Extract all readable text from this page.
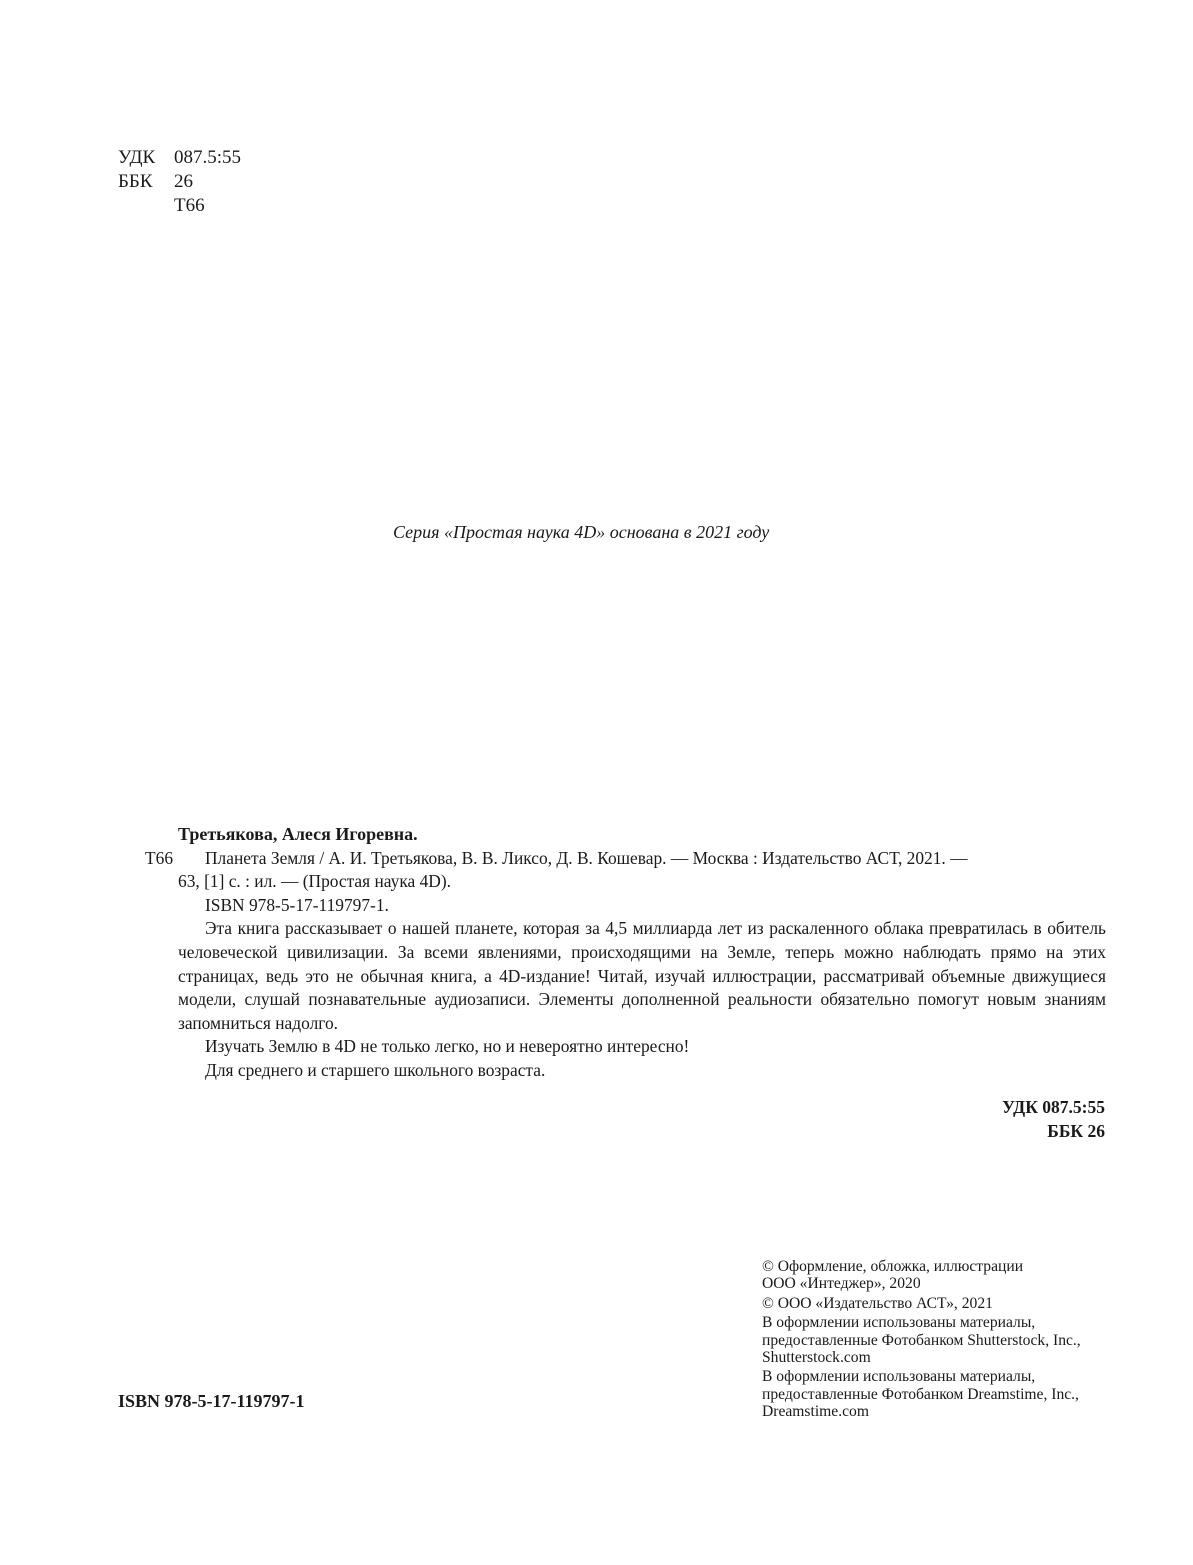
УДК 087.5:55
ББК 26
Т66
Серия «Простая наука 4D» основана в 2021 году

Третьякова, Алеся Игоревна.

Т66 Планета Земля / А. И. Третьякова, В. В. Ликсо, Д. В. Кошевар. — Москва : Издательство АСТ, 2021. —

63, [1] с. : ил. — (Простая наука 4D).

ISBN 978-5-17-119797-1.

Эта книга рассказывает о нашей планете, которая за 4,5 миллиарда лет из раскаленного облака превратилась в обитель человеческой цивилизации. За всеми явлениями, происходящими на Земле, теперь можно наблюдать прямо на этих страницах, ведь это не обычная книга, а 4D-издание! Читай, изучай иллюстрации, рассматривай объемные движущиеся модели, слушай познавательные аудиозаписи. Элементы дополненной реальности обязательно помогут новым знаниям запомниться надолго.

Изучать Землю в 4D не только легко, но и невероятно интересно!

Для среднего и старшего школьного возраста.

УДК 087.5:55
ББК 26

© Оформление, обложка, иллюстрации
ООО «Интеджер», 2020

© ООО «Издательство АСТ», 2021

В оформлении использованы материалы,
предоставленные Фотобанком Shutterstock, Inc.,
Shutterstock.com

В оформлении использованы материалы,
предоставленные Фотобанком Dreamstime, Inc.,
Dreamstime.com

ISBN 978-5-17-119797-1
